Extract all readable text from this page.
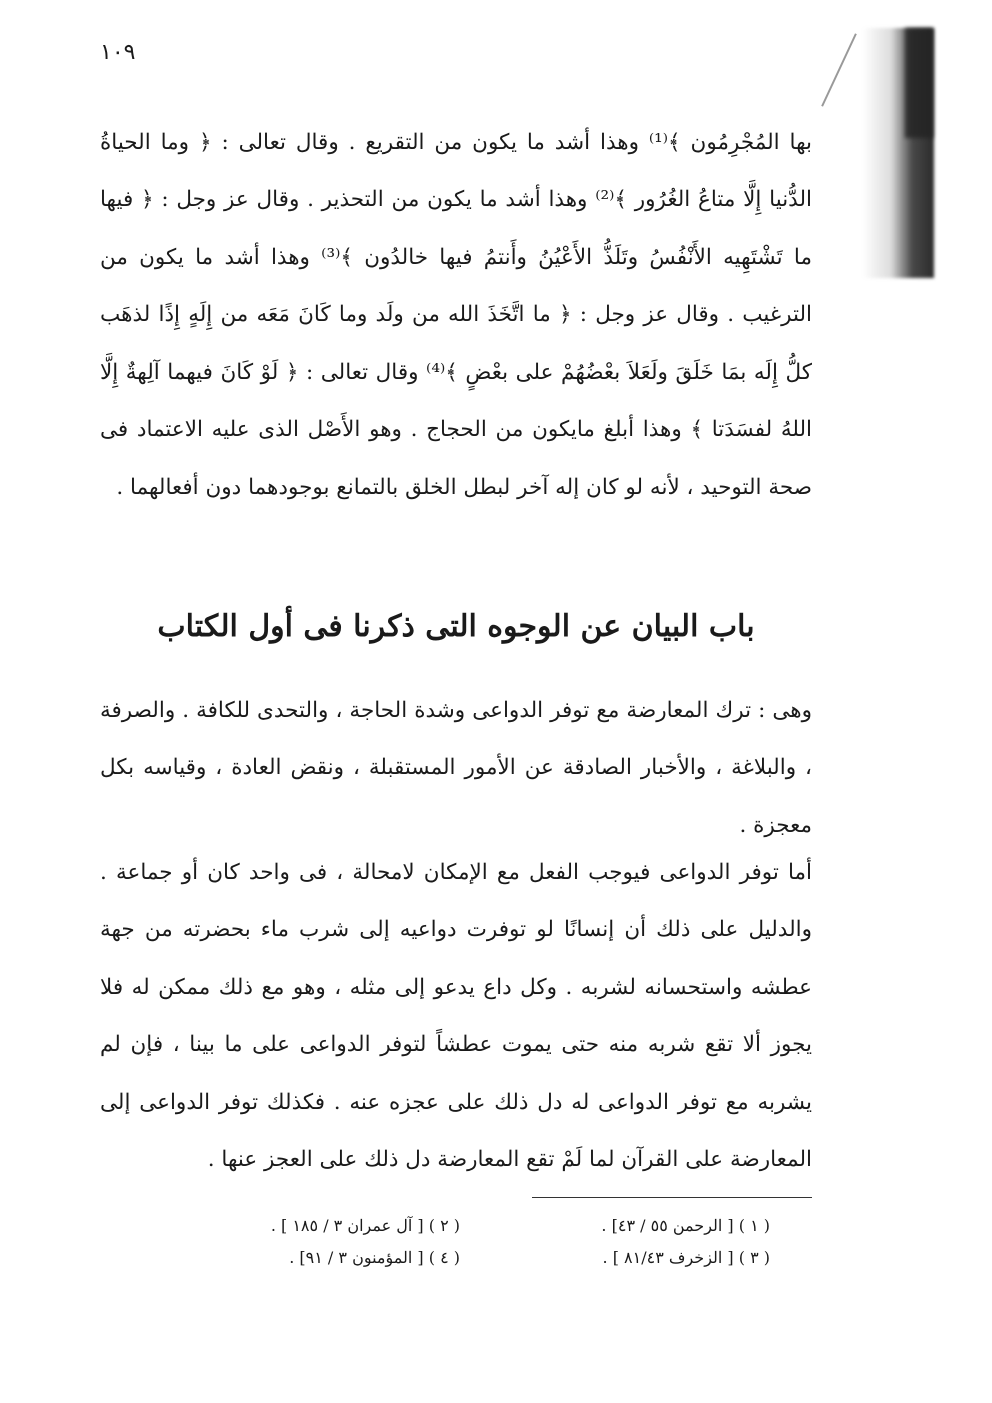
١٠٩

بها المُجْرِمُون ﴾⁽¹⁾ وهذا أشد ما يكون من التقريع . وقال تعالى : ﴿ وما الحياةُ الدُّنيا إِلَّا متاعُ الغُرُور ﴾⁽²⁾ وهذا أشد ما يكون من التحذير . وقال عز وجل : ﴿ فيها ما تَشْتَهِيه الأَنْفُسُ وتَلَذُّ الأَعْيُنُ وأَنتمُ فيها خالدُون ﴾⁽³⁾ وهذا أشد ما يكون من الترغيب . وقال عز وجل : ﴿ ما اتَّخَذَ الله من ولَد وما كَانَ مَعَه من إِلَهٍ إِذًا لذهَب كلُّ إِلَه بمَا خَلَقَ ولَعَلاَ بعْضُهُمْ على بعْضٍ ﴾⁽⁴⁾ وقال تعالى : ﴿ لَوْ كَانَ فيهما آلِهةٌ إِلَّا اللهُ لفسَدَتا ﴾ وهذا أبلغ مايكون من الحجاج . وهو الأَصْل الذى عليه الاعتماد فى صحة التوحيد ، لأنه لو كان إله آخر لبطل الخلق بالتمانع بوجودهما دون أفعالهما .

باب البيان عن الوجوه التى ذكرنا فى أول الكتاب

وهى : ترك المعارضة مع توفر الدواعى وشدة الحاجة ، والتحدى للكافة . والصرفة ، والبلاغة ، والأخبار الصادقة عن الأمور المستقبلة ، ونقض العادة ، وقياسه بكل معجزة .

أما توفر الدواعى فيوجب الفعل مع الإمكان لامحالة ، فى واحد كان أو جماعة . والدليل على ذلك أن إنسانًا لو توفرت دواعيه إلى شرب ماء بحضرته من جهة عطشه واستحسانه لشربه . وكل داع يدعو إلى مثله ، وهو مع ذلك ممكن له فلا يجوز ألا تقع شربه منه حتى يموت عطشاً لتوفر الدواعى على ما بينا ، فإن لم يشربه مع توفر الدواعى له دل ذلك على عجزه عنه . فكذلك توفر الدواعى إلى المعارضة على القرآن لما لَمْ تقع المعارضة دل ذلك على العجز عنها .

( ١ ) [ الرحمن ٥٥ / ٤٣] .
( ٢ ) [ آل عمران ٣ / ١٨٥ ] .
( ٣ ) [ الزخرف ٨١/٤٣ ] .
( ٤ ) [ المؤمنون ٣ / ٩١] .
